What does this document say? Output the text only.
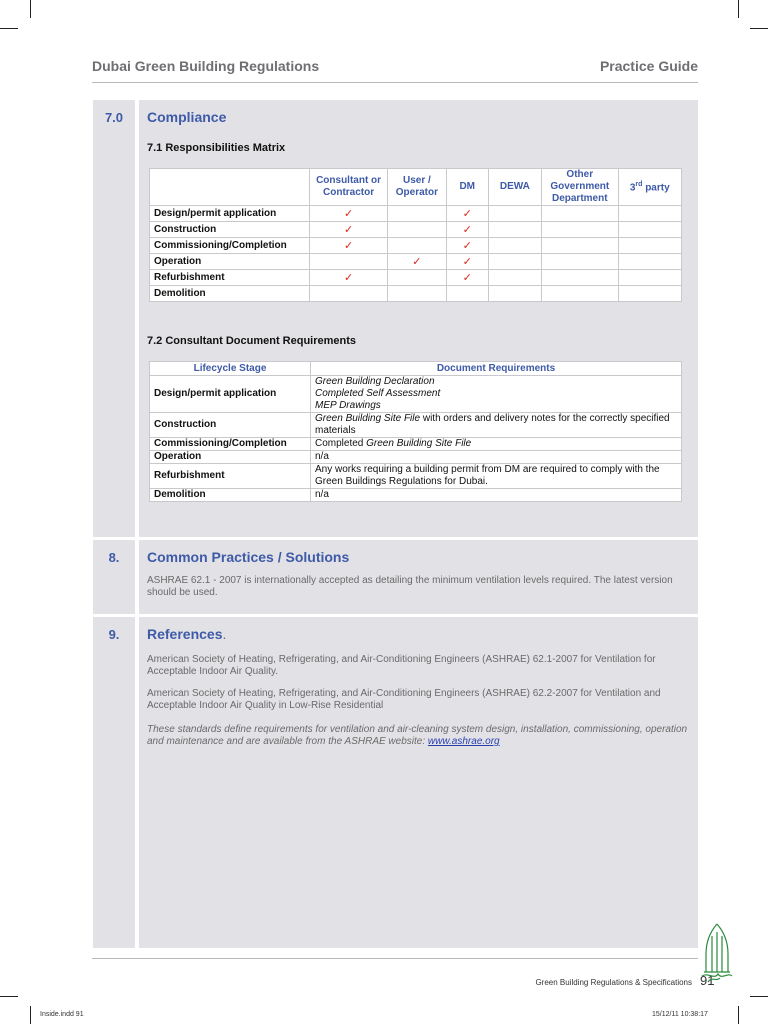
Dubai Green Building Regulations	Practice Guide
7.0	Compliance
7.1 Responsibilities Matrix
	Consultant or Contractor	User / Operator	DM	DEWA	Other Government Department	3rd party
Design/permit application	✓		✓			
Construction	✓		✓			
Commissioning/Completion	✓		✓			
Operation		✓	✓			
Refurbishment	✓		✓			
Demolition						
7.2 Consultant Document Requirements
Lifecycle Stage	Document Requirements
Design/permit application	Green Building Declaration
Completed Self Assessment
MEP Drawings

Construction	Green Building Site File with orders and delivery notes for the correctly specified materials
Commissioning/Completion	Completed Green Building Site File
Operation	n/a
Refurbishment	Any works requiring a building permit from DM are required to comply with the Green Buildings Regulations for Dubai.
Demolition	n/a
8.	Common Practices / Solutions
ASHRAE 62.1 - 2007 is internationally accepted as detailing the minimum ventilation levels required. The latest version should be used.
9.	References.
American Society of Heating, Refrigerating, and Air-Conditioning Engineers (ASHRAE) 62.1-2007 for Ventilation for Acceptable Indoor Air Quality.
American Society of Heating, Refrigerating, and Air-Conditioning Engineers (ASHRAE) 62.2-2007 for Ventilation and Acceptable Indoor Air Quality in Low-Rise Residential
These standards define requirements for ventilation and air-cleaning system design, installation, commissioning, operation and maintenance and are available from the ASHRAE website: www.ashrae.org
Green Building Regulations & Specifications 91
Inside.indd 91	15/12/11 10:38:17
